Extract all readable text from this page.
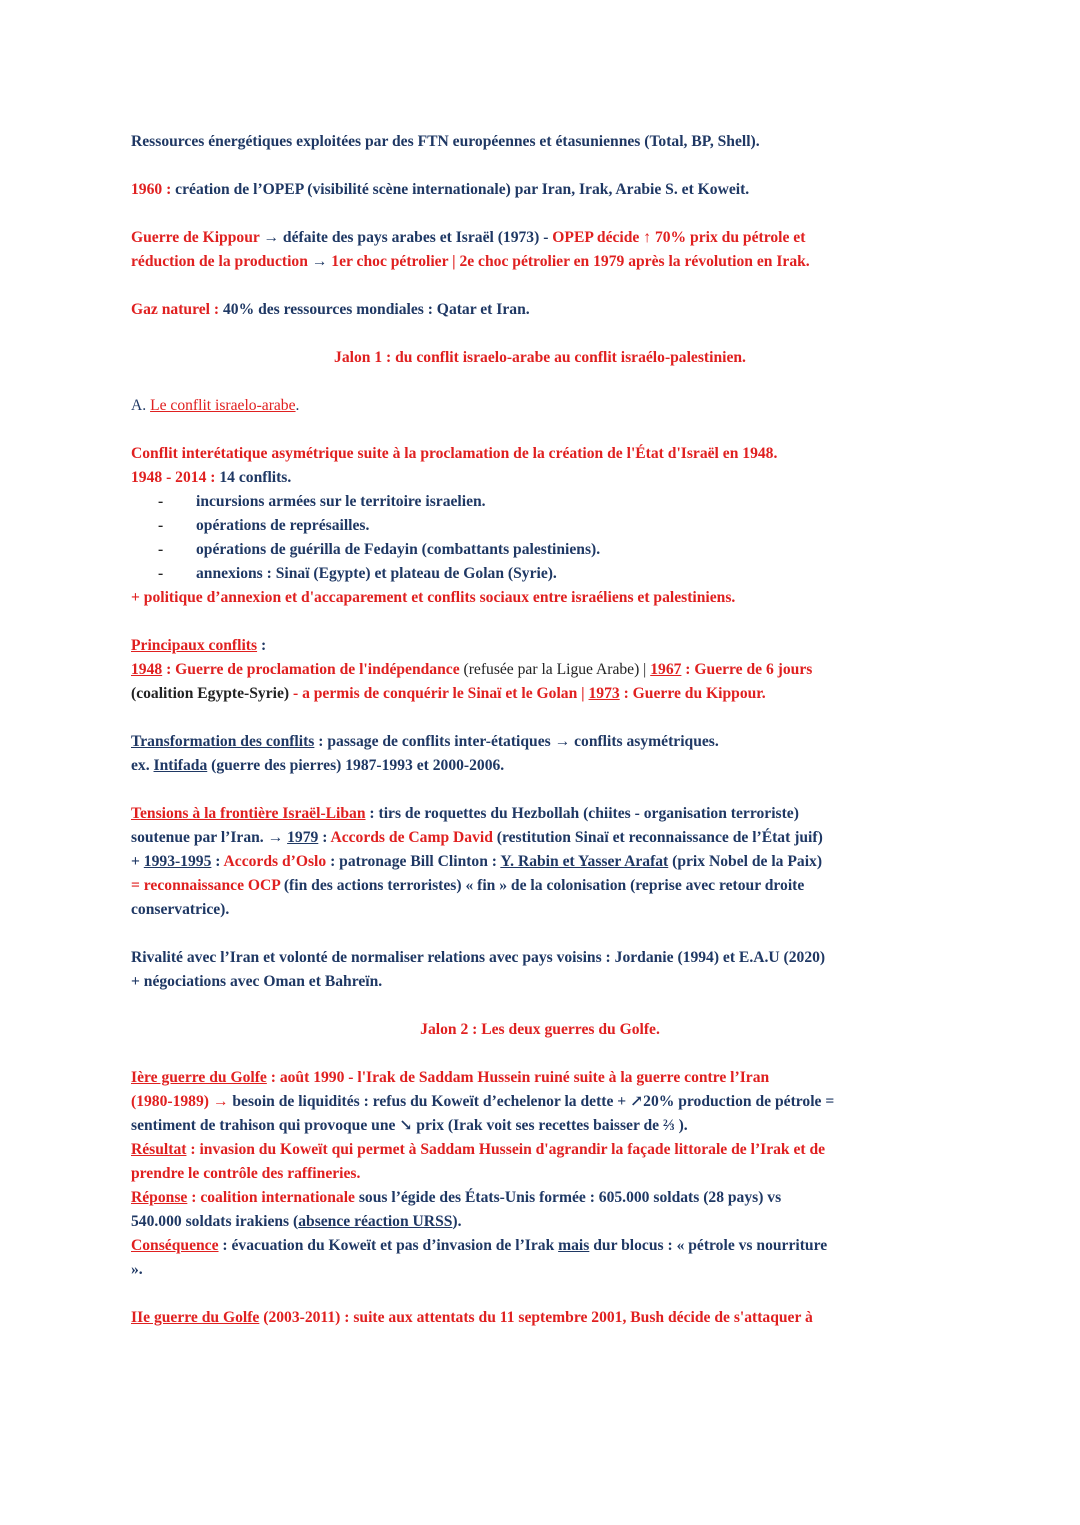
Ressources énergétiques exploitées par des FTN européennes et étasuniennes (Total, BP, Shell).

1960 : création de l’OPEP (visibilité scène internationale) par Iran, Irak, Arabie S. et Koweit.

Guerre de Kippour → défaite des pays arabes et Israël (1973) - OPEP décide ↑ 70% prix du pétrole et

réduction de la production → 1er choc pétrolier | 2e choc pétrolier en 1979 après la révolution en Irak.

Gaz naturel : 40% des ressources mondiales : Qatar et Iran.

Jalon 1 : du conflit israelo-arabe au conflit israélo-palestinien.

A. Le conflit israelo-arabe.

Conflit interétatique asymétrique suite à la proclamation de la création de l'État d'Israël en 1948.

1948 - 2014 : 14 conflits.

-	incursions armées sur le territoire israelien.
-	opérations de représailles.
-	opérations de guérilla de Fedayin (combattants palestiniens).
-	annexions : Sinaï (Egypte) et plateau de Golan (Syrie).

+ politique d’annexion et d'accaparement et conflits sociaux entre israéliens et palestiniens.

Principaux conflits :

1948 : Guerre de proclamation de l'indépendance (refusée par la Ligue Arabe) | 1967 : Guerre de 6 jours

(coalition Egypte-Syrie) - a permis de conquérir le Sinaï et le Golan | 1973 : Guerre du Kippour.

Transformation des conflits : passage de conflits inter-étatiques → conflits asymétriques.

ex. Intifada (guerre des pierres) 1987-1993 et 2000-2006.

Tensions à la frontière Israël-Liban : tirs de roquettes du Hezbollah (chiites - organisation terroriste)

soutenue par l’Iran. → 1979 : Accords de Camp David (restitution Sinaï et reconnaissance de l’État juif)

+ 1993-1995 : Accords d’Oslo : patronage Bill Clinton : Y. Rabin et Yasser Arafat (prix Nobel de la Paix)

= reconnaissance OCP (fin des actions terroristes) « fin » de la colonisation (reprise avec retour droite

conservatrice).

Rivalité avec l’Iran et volonté de normaliser relations avec pays voisins : Jordanie (1994) et E.A.U (2020)

+ négociations avec Oman et Bahreïn.

Jalon 2 : Les deux guerres du Golfe.

Ière guerre du Golfe : août 1990 - l'Irak de Saddam Hussein ruiné suite à la guerre contre l’Iran

(1980-1989) → besoin de liquidités : refus du Koweït d’echelenor la dette + ↗20% production de pétrole =

sentiment de trahison qui provoque une ↘ prix (Irak voit ses recettes baisser de ⅔ ).

Résultat : invasion du Koweït qui permet à Saddam Hussein d'agrandir la façade littorale de l’Irak et de

prendre le contrôle des raffineries.

Réponse : coalition internationale sous l’égide des États-Unis formée : 605.000 soldats (28 pays) vs

540.000 soldats irakiens (absence réaction URSS).

Conséquence : évacuation du Koweït et pas d’invasion de l’Irak mais dur blocus : « pétrole vs nourriture

».

IIe guerre du Golfe (2003-2011) : suite aux attentats du 11 septembre 2001, Bush décide de s'attaquer à
